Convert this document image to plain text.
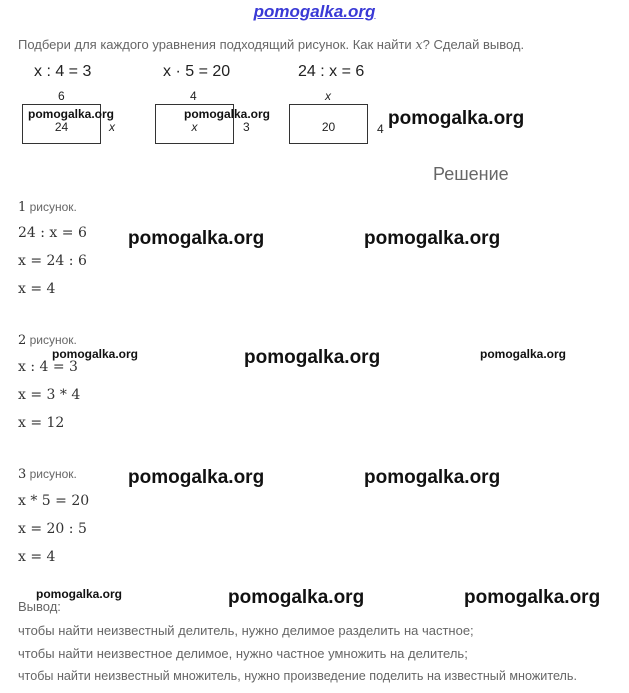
pomogalka.org
Подбери для каждого уравнения подходящий рисунок. Как найти x? Сделай вывод.
x : 4 = 3	x · 5 = 20	24 : x = 6
6
24	x
4
x	3
x
20	4
Решение
1 рисунок.
24 : x = 6
x = 24 : 6
x = 4
2 рисунок.
x : 4 = 3
x = 3 * 4
x = 12
3 рисунок.
x * 5 = 20
x = 20 : 5
x = 4
Вывод:
чтобы найти неизвестный делитель, нужно делимое разделить на частное;
чтобы найти неизвестное делимое, нужно частное умножить на делитель;
чтобы найти неизвестный множитель, нужно произведение поделить на известный множитель.
pomogalka.org	pomogalka.org	pomogalka.org
pomogalka.org	pomogalka.org
pomogalka.org	pomogalka.org	pomogalka.org
pomogalka.org	pomogalka.org
pomogalka.org	pomogalka.org	pomogalka.org
